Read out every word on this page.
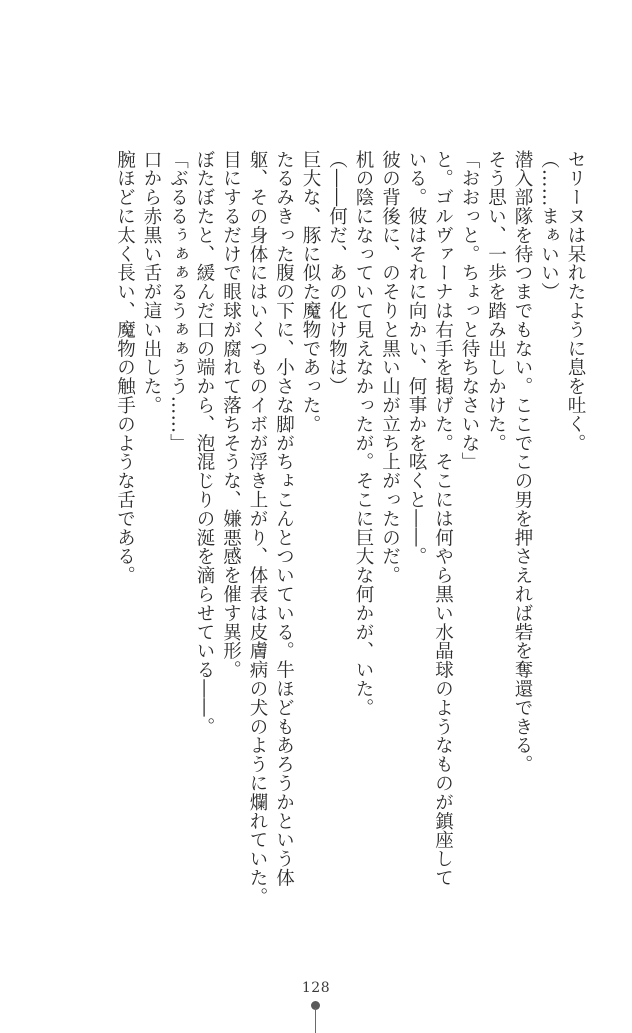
セリーヌは呆れたように息を吐く。
（……まぁいい）
潜入部隊を待つまでもない。ここでこの男を押さえれば砦を奪還できる。
そう思い、一歩を踏み出しかけた。
「おおっと。ちょっと待ちなさいな」
と。ゴルヴァーナは右手を掲げた。そこには何やら黒い水晶球のようなものが鎮座して
いる。彼はそれに向かい、何事かを呟くと――。
彼の背後に、のそりと黒い山が立ち上がったのだ。
机の陰になっていて見えなかったが。そこに巨大な何かが、いた。
（――何だ、あの化け物は）
巨大な、豚に似た魔物であった。
たるみきった腹の下に、小さな脚がちょこんとついている。牛ほどもあろうかという体
躯、その身体にはいくつものイボが浮き上がり、体表は皮膚病の犬のように爛れていた。
目にするだけで眼球が腐れて落ちそうな、嫌悪感を催す異形。
ぼたぼたと、緩んだ口の端から、泡混じりの涎を滴らせている――。
「ぶるるぅぁぁるうぁぁうう……」
口から赤黒い舌が這い出した。
腕ほどに太く長い、魔物の触手のような舌である。
128
